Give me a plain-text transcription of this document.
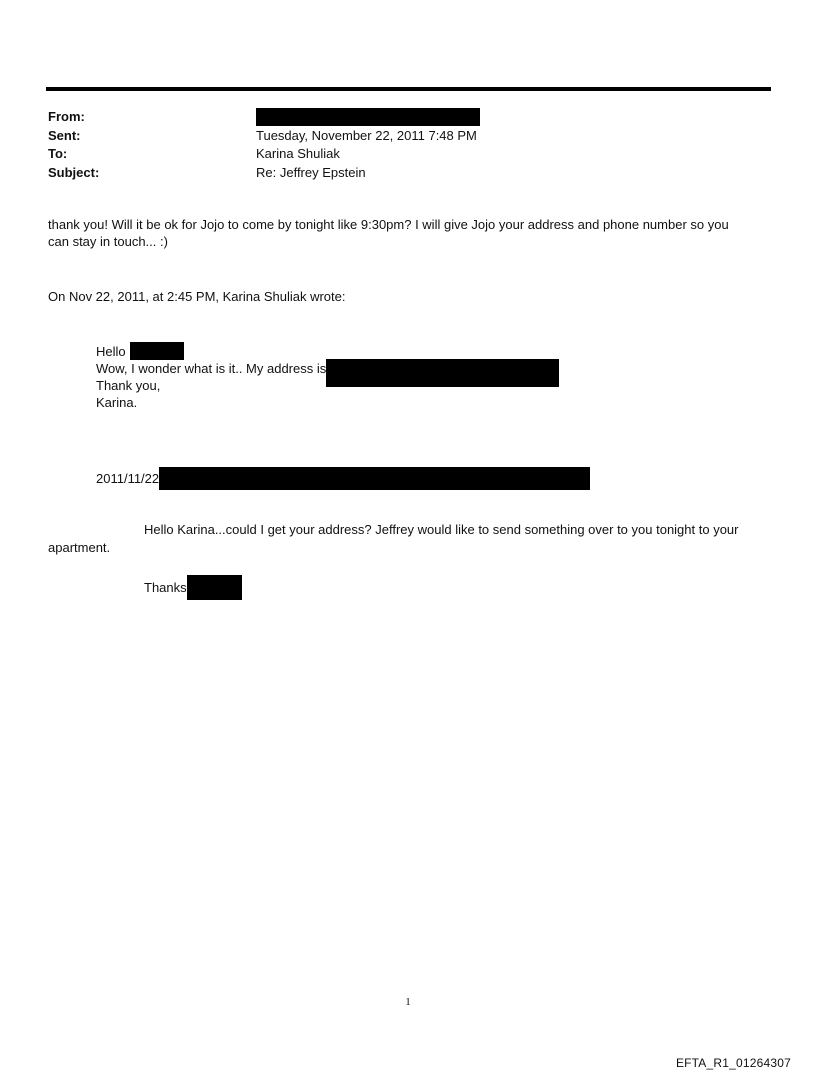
From:
Sent:	Tuesday, November 22, 2011 7:48 PM
To:	Karina Shuliak
Subject:	Re: Jeffrey Epstein
thank you! Will it be ok for Jojo to come by tonight like 9:30pm? I will give Jojo your address and phone number so you
can stay in touch... :)
On Nov 22, 2011, at 2:45 PM, Karina Shuliak wrote:
Hello
Wow, I wonder what is it.. My address is
Thank you,
Karina.
2011/11/22
Hello Karina...could I get your address? Jeffrey would like to send something over to you tonight to your
apartment.
Thanks
1
EFTA_R1_01264307
